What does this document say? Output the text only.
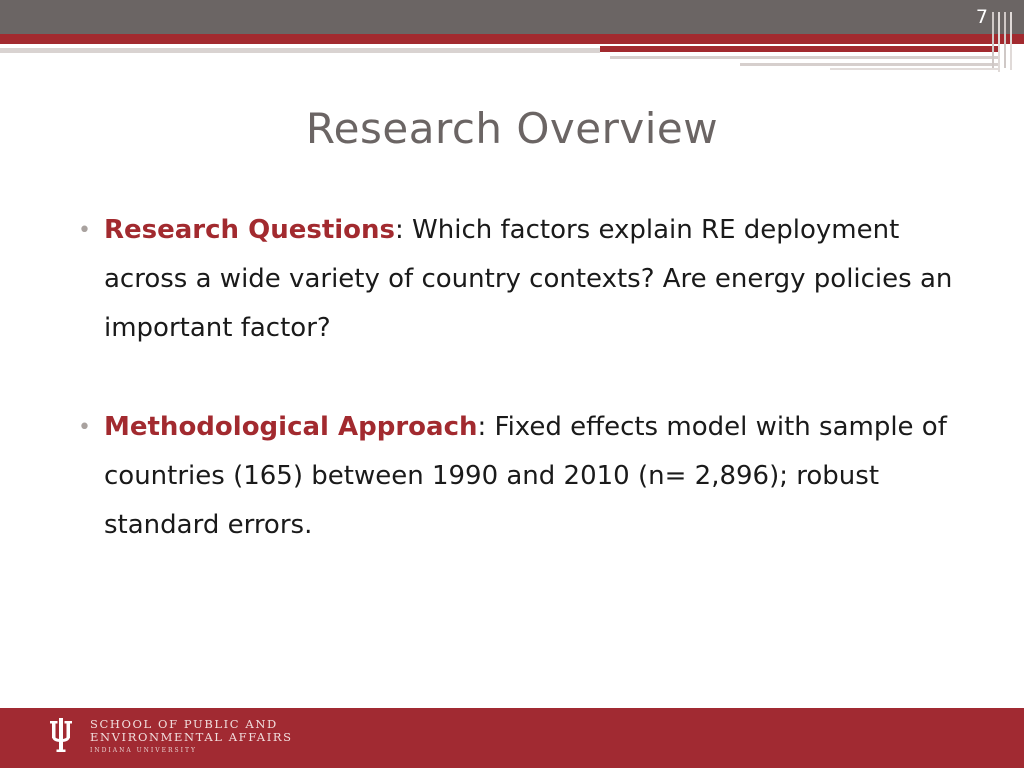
7
Research Overview
• Research Questions: Which factors explain RE deployment across a wide variety of country contexts? Are energy policies an important factor?
• Methodological Approach: Fixed effects model with sample of countries (165) between 1990 and 2010 (n= 2,896); robust standard errors.
SCHOOL OF PUBLIC AND
ENVIRONMENTAL AFFAIRS
INDIANA UNIVERSITY
